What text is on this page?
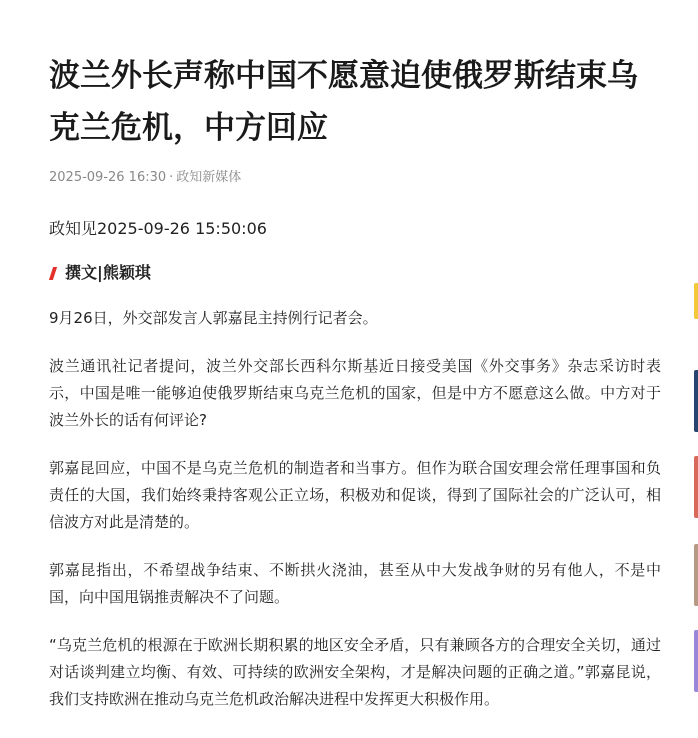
波兰外长声称中国不愿意迫使俄罗斯结束乌克兰危机，中方回应
2025-09-26 16:30 · 政知新媒体
政知见2025-09-26 15:50:06
撰文|熊颖琪

9月26日，外交部发言人郭嘉昆主持例行记者会。

波兰通讯社记者提问，波兰外交部长西科尔斯基近日接受美国《外交事务》杂志采访时表示，中国是唯一能够迫使俄罗斯结束乌克兰危机的国家，但是中方不愿意这么做。中方对于波兰外长的话有何评论?

郭嘉昆回应，中国不是乌克兰危机的制造者和当事方。但作为联合国安理会常任理事国和负责任的大国，我们始终秉持客观公正立场，积极劝和促谈，得到了国际社会的广泛认可，相信波方对此是清楚的。

郭嘉昆指出，不希望战争结束、不断拱火浇油，甚至从中大发战争财的另有他人，不是中国，向中国甩锅推责解决不了问题。

“乌克兰危机的根源在于欧洲长期积累的地区安全矛盾，只有兼顾各方的合理安全关切，通过对话谈判建立均衡、有效、可持续的欧洲安全架构，才是解决问题的正确之道。”郭嘉昆说，我们支持欧洲在推动乌克兰危机政治解决进程中发挥更大积极作用。
